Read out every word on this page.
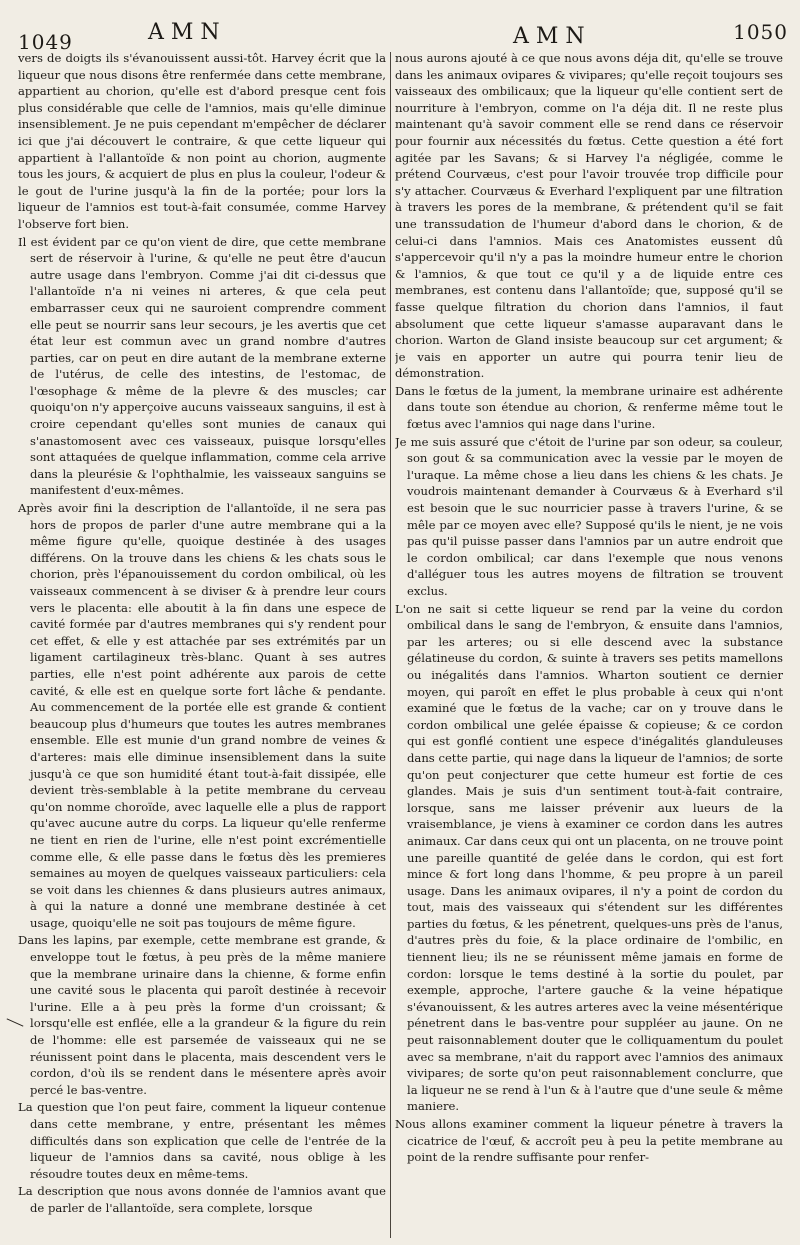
1049	AMN	AMN	1050

vers de doigts ils s'évanouissent aussi-tôt. Harvey écrit que la liqueur que nous disons être renfermée dans cette membrane, appartient au chorion, qu'elle est d'abord presque cent fois plus considérable que celle de l'amnios, mais qu'elle diminue insensiblement. Je ne puis cependant m'empêcher de déclarer ici que j'ai découvert le contraire, & que cette liqueur qui appartient à l'allantoïde & non point au chorion, augmente tous les jours, & acquiert de plus en plus la couleur, l'odeur & le gout de l'urine jusqu'à la fin de la portée; pour lors la liqueur de l'amnios est tout-à-fait consumée, comme Harvey l'observe fort bien.

Il est évident par ce qu'on vient de dire, que cette membrane sert de réservoir à l'urine, & qu'elle ne peut être d'aucun autre usage dans l'embryon. Comme j'ai dit ci-dessus que l'allantoïde n'a ni veines ni arteres, & que cela peut embarrasser ceux qui ne sauroient comprendre comment elle peut se nourrir sans leur secours, je les avertis que cet état leur est commun avec un grand nombre d'autres parties, car on peut en dire autant de la membrane externe de l'utérus, de celle des intestins, de l'estomac, de l'œsophage & même de la plevre & des muscles; car quoiqu'on n'y apperçoive aucuns vaisseaux sanguins, il est à croire cependant qu'elles sont munies de canaux qui s'anastomosent avec ces vaisseaux, puisque lorsqu'elles sont attaquées de quelque inflammation, comme cela arrive dans la pleurésie & l'ophthalmie, les vaisseaux sanguins se manifestent d'eux-mêmes.

Après avoir fini la description de l'allantoïde, il ne sera pas hors de propos de parler d'une autre membrane qui a la même figure qu'elle, quoique destinée à des usages différens. On la trouve dans les chiens & les chats sous le chorion, près l'épanouissement du cordon ombilical, où les vaisseaux commencent à se diviser & à prendre leur cours vers le placenta: elle aboutit à la fin dans une espece de cavité formée par d'autres membranes qui s'y rendent pour cet effet, & elle y est attachée par ses extrémités par un ligament cartilagineux très-blanc. Quant à ses autres parties, elle n'est point adhérente aux parois de cette cavité, & elle est en quelque sorte fort lâche & pendante. Au commencement de la portée elle est grande & contient beaucoup plus d'humeurs que toutes les autres membranes ensemble. Elle est munie d'un grand nombre de veines & d'arteres: mais elle diminue insensiblement dans la suite jusqu'à ce que son humidité étant tout-à-fait dissipée, elle devient très-semblable à la petite membrane du cerveau qu'on nomme choroïde, avec laquelle elle a plus de rapport qu'avec aucune autre du corps. La liqueur qu'elle renferme ne tient en rien de l'urine, elle n'est point excrémentielle comme elle, & elle passe dans le fœtus dès les premieres semaines au moyen de quelques vaisseaux particuliers: cela se voit dans les chiennes & dans plusieurs autres animaux, à qui la nature a donné une membrane destinée à cet usage, quoiqu'elle ne soit pas toujours de même figure.

Dans les lapins, par exemple, cette membrane est grande, & enveloppe tout le fœtus, à peu près de la même maniere que la membrane urinaire dans la chienne, & forme enfin une cavité sous le placenta qui paroît destinée à recevoir l'urine. Elle a à peu près la forme d'un croissant; & lorsqu'elle est enflée, elle a la grandeur & la figure du rein de l'homme: elle est parsemée de vaisseaux qui ne se réunissent point dans le placenta, mais descendent vers le cordon, d'où ils se rendent dans le mésentere après avoir percé le bas-ventre.

La question que l'on peut faire, comment la liqueur contenue dans cette membrane, y entre, présentant les mêmes difficultés dans son explication que celle de l'entrée de la liqueur de l'amnios dans sa cavité, nous oblige à les résoudre toutes deux en même-tems.

La description que nous avons donnée de l'amnios avant que de parler de l'allantoïde, sera complete, lorsque

nous aurons ajouté à ce que nous avons déja dit, qu'elle se trouve dans les animaux ovipares & vivipares; qu'elle reçoit toujours ses vaisseaux des ombilicaux; que la liqueur qu'elle contient sert de nourriture à l'embryon, comme on l'a déja dit. Il ne reste plus maintenant qu'à savoir comment elle se rend dans ce réservoir pour fournir aux nécessités du fœtus. Cette question a été fort agitée par les Savans; & si Harvey l'a négligée, comme le prétend Courvæus, c'est pour l'avoir trouvée trop difficile pour s'y attacher. Courvæus & Everhard l'expliquent par une filtration à travers les pores de la membrane, & prétendent qu'il se fait une transsudation de l'humeur d'abord dans le chorion, & de celui-ci dans l'amnios. Mais ces Anatomistes eussent dû s'appercevoir qu'il n'y a pas la moindre humeur entre le chorion & l'amnios, & que tout ce qu'il y a de liquide entre ces membranes, est contenu dans l'allantoïde; que, supposé qu'il se fasse quelque filtration du chorion dans l'amnios, il faut absolument que cette liqueur s'amasse auparavant dans le chorion. Warton de Gland insiste beaucoup sur cet argument; & je vais en apporter un autre qui pourra tenir lieu de démonstration.

Dans le fœtus de la jument, la membrane urinaire est adhérente dans toute son étendue au chorion, & renferme même tout le fœtus avec l'amnios qui nage dans l'urine.

Je me suis assuré que c'étoit de l'urine par son odeur, sa couleur, son gout & sa communication avec la vessie par le moyen de l'uraque. La même chose a lieu dans les chiens & les chats. Je voudrois maintenant demander à Courvæus & à Everhard s'il est besoin que le suc nourricier passe à travers l'urine, & se mêle par ce moyen avec elle? Supposé qu'ils le nient, je ne vois pas qu'il puisse passer dans l'amnios par un autre endroit que le cordon ombilical; car dans l'exemple que nous venons d'alléguer tous les autres moyens de filtration se trouvent exclus.

L'on ne sait si cette liqueur se rend par la veine du cordon ombilical dans le sang de l'embryon, & ensuite dans l'amnios, par les arteres; ou si elle descend avec la substance gélatineuse du cordon, & suinte à travers ses petits mamellons ou inégalités dans l'amnios. Wharton soutient ce dernier moyen, qui paroît en effet le plus probable à ceux qui n'ont examiné que le fœtus de la vache; car on y trouve dans le cordon ombilical une gelée épaisse & copieuse; & ce cordon qui est gonflé contient une espece d'inégalités glanduleuses dans cette partie, qui nage dans la liqueur de l'amnios; de sorte qu'on peut conjecturer que cette humeur est fortie de ces glandes. Mais je suis d'un sentiment tout-à-fait contraire, lorsque, sans me laisser prévenir aux lueurs de la vraisemblance, je viens à examiner ce cordon dans les autres animaux. Car dans ceux qui ont un placenta, on ne trouve point une pareille quantité de gelée dans le cordon, qui est fort mince & fort long dans l'homme, & peu propre à un pareil usage. Dans les animaux ovipares, il n'y a point de cordon du tout, mais des vaisseaux qui s'étendent sur les différentes parties du fœtus, & les pénetrent, quelques-uns près de l'anus, d'autres près du foie, & la place ordinaire de l'ombilic, en tiennent lieu; ils ne se réunissent même jamais en forme de cordon: lorsque le tems destiné à la sortie du poulet, par exemple, approche, l'artere gauche & la veine hépatique s'évanouissent, & les autres arteres avec la veine mésentérique pénetrent dans le bas-ventre pour suppléer au jaune. On ne peut raisonnablement douter que le colliquamentum du poulet avec sa membrane, n'ait du rapport avec l'amnios des animaux vivipares; de sorte qu'on peut raisonnablement conclurre, que la liqueur ne se rend à l'un & à l'autre que d'une seule & même maniere.

Nous allons examiner comment la liqueur pénetre à travers la cicatrice de l'œuf, & accroît peu à peu la petite membrane au point de la rendre suffisante pour renfer-
